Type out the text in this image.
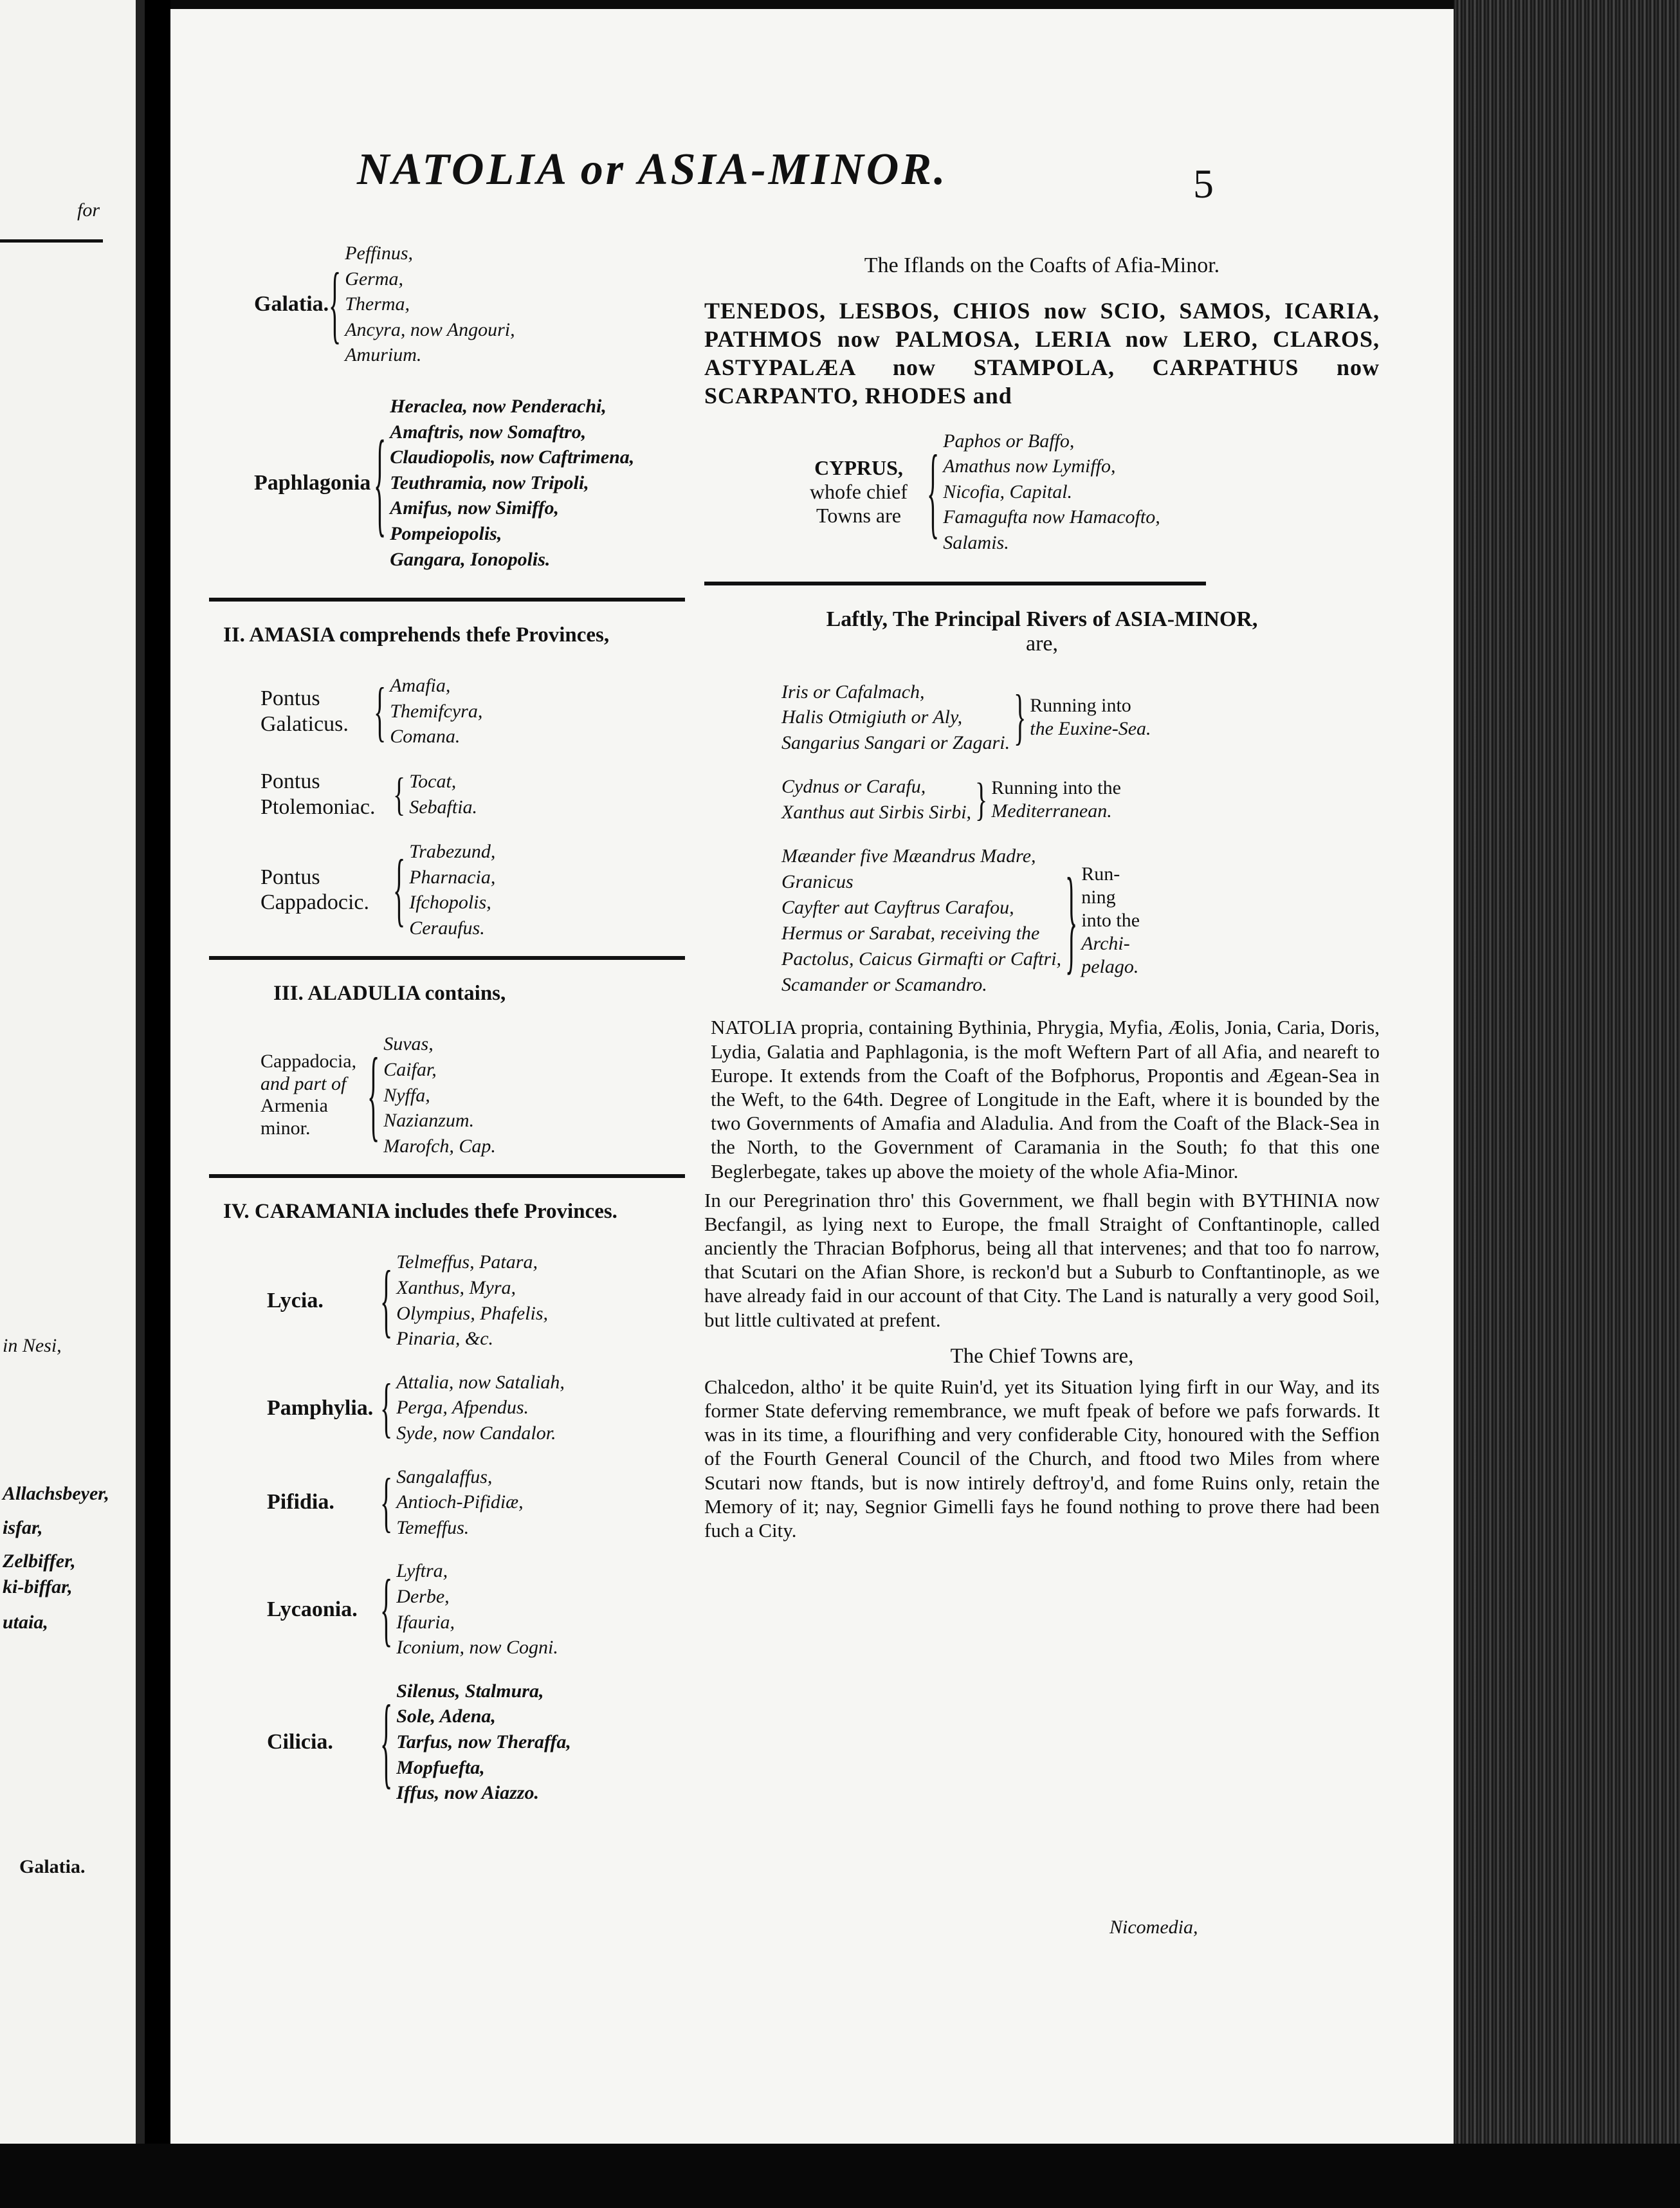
for
in Nesi,
Allachsbeyer,
isfar,
Zelbiffer,
ki-biffar,
utaia,
Galatia.
NATOLIA or ASIA-MINOR.	5
Galatia. {
Peffinus,
Germa,
Therma,
Ancyra, now Angouri,
Amurium.
Paphlagonia {
Heraclea, now Penderachi,
Amaftris, now Somaftro,
Claudiopolis, now Caftrimena,
Teuthramia, now Tripoli,
Amifus, now Simiffo,
Pompeiopolis,
Gangara, Ionopolis.
II. AMASIA comprehends thefe Provinces,
Pontus
Galaticus. { Amafia,
Themifcyra,
Comana.
Pontus
Ptolemoniac. { Tocat,
Sebaftia.
Pontus
Cappadocic. { Trabezund,
Pharnacia,
Ifchopolis,
Ceraufus.
III. ALADULIA contains,
Cappadocia,
and part of
Armenia
minor.	{ Suvas,
Caifar,
Nyffa,
Nazianzum.
Marofch, Cap.
IV. CARAMANIA includes thefe Provinces.
Lycia.	{ Telmeffus, Patara,
Xanthus, Myra,
Olympius, Phafelis,
Pinaria, &c.
Pamphylia. { Attalia, now Sataliah,
Perga, Afpendus.
Syde, now Candalor.
Pifidia.	{ Sangalaffus,
Antioch-Pifidiæ,
Temeffus.
Lycaonia. { Lyftra,
Derbe,
Ifauria,
Iconium, now Cogni.
Cilicia.	{ Silenus, Stalmura,
Sole, Adena,
Tarfus, now Theraffa,
Mopfuefta,
Iffus, now Aiazzo.
The Iflands on the Coafts of Afia-Minor.
TENEDOS, LESBOS, CHIOS now SCIO, SAMOS, ICARIA, PATHMOS now PALMOSA, LERIA now LERO, CLAROS, ASTYPALÆA now STAMPOLA, CARPATHUS now SCARPANTO, RHODES and
CYPRUS,
whofe chief
Towns are	{ Paphos or Baffo,
Amathus now Lymiffo,
Nicofia, Capital.
Famagufta now Hamacofto,
Salamis.
Laftly, The Principal Rivers of ASIA-MINOR,
are,
Iris or Cafalmach,
Halis Otmigiuth or Aly,
Sangarius Sangari or Zagari. } Running into
the Euxine-Sea.
Cydnus or Carafu,
Xanthus aut Sirbis Sirbi, } Running into the
Mediterranean.
Mæander five Mæandrus Madre,
Granicus
Cayfter aut Cayftrus Carafou,
Hermus or Sarabat, receiving the
Pactolus, Caicus Girmafti or Caftri,
Scamander or Scamandro.	} Run-
ning
into the
Archi-
pelago.
NATOLIA propria, containing Bythinia, Phrygia, Myfia, Æolis, Jonia, Caria, Doris, Lydia, Galatia and Paphlagonia, is the moft Weftern Part of all Afia, and neareft to Europe. It extends from the Coaft of the Bofphorus, Propontis and Ægean-Sea in the Weft, to the 64th. Degree of Longitude in the Eaft, where it is bounded by the two Governments of Amafia and Aladulia. And from the Coaft of the Black-Sea in the North, to the Government of Caramania in the South; fo that this one Beglerbegate, takes up above the moiety of the whole Afia-Minor.
In our Peregrination thro' this Government, we fhall begin with BYTHINIA now Becfangil, as lying next to Europe, the fmall Straight of Conftantinople, called anciently the Thracian Bofphorus, being all that intervenes; and that too fo narrow, that Scutari on the Afian Shore, is reckon'd but a Suburb to Conftantinople, as we have already faid in our account of that City. The Land is naturally a very good Soil, but little cultivated at prefent.
The Chief Towns are,
Chalcedon, altho' it be quite Ruin'd, yet its Situation lying firft in our Way, and its former State deferving remembrance, we muft fpeak of before we pafs forwards. It was in its time, a flourifhing and very confiderable City, honoured with the Seffion of the Fourth General Council of the Church, and ftood two Miles from where Scutari now ftands, but is now intirely deftroy'd, and fome Ruins only, retain the Memory of it; nay, Segnior Gimelli fays he found nothing to prove there had been fuch a City.
Nicomedia,
